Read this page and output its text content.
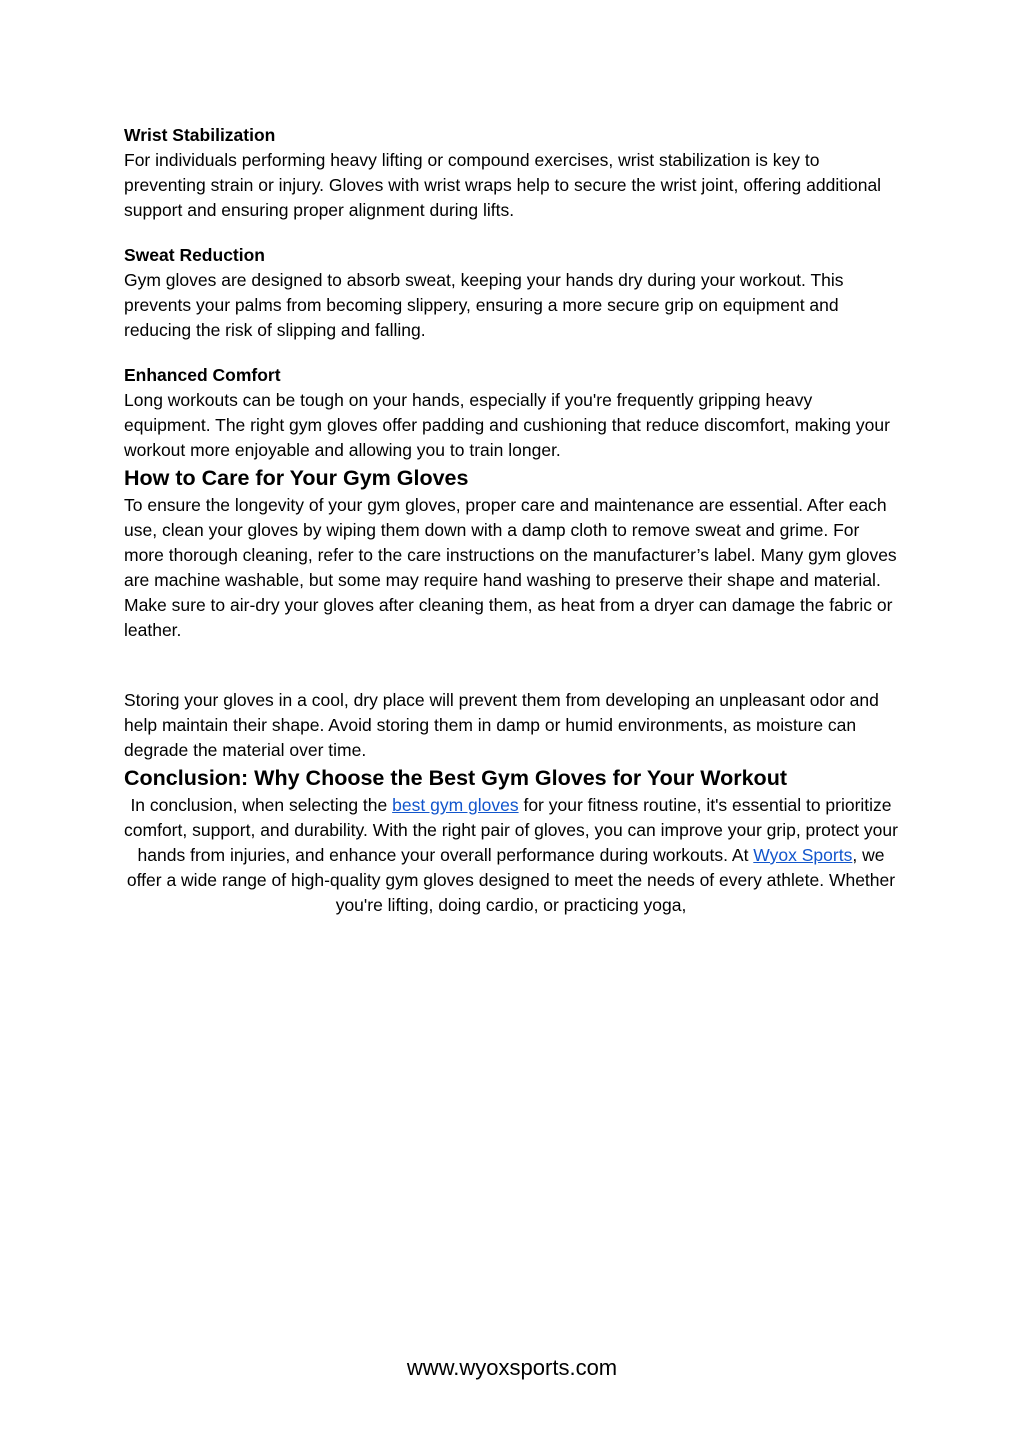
Wrist Stabilization

For individuals performing heavy lifting or compound exercises, wrist stabilization is key to preventing strain or injury. Gloves with wrist wraps help to secure the wrist joint, offering additional support and ensuring proper alignment during lifts.

Sweat Reduction

Gym gloves are designed to absorb sweat, keeping your hands dry during your workout. This prevents your palms from becoming slippery, ensuring a more secure grip on equipment and reducing the risk of slipping and falling.

Enhanced Comfort

Long workouts can be tough on your hands, especially if you're frequently gripping heavy equipment. The right gym gloves offer padding and cushioning that reduce discomfort, making your workout more enjoyable and allowing you to train longer.

How to Care for Your Gym Gloves

To ensure the longevity of your gym gloves, proper care and maintenance are essential. After each use, clean your gloves by wiping them down with a damp cloth to remove sweat and grime. For more thorough cleaning, refer to the care instructions on the manufacturer’s label. Many gym gloves are machine washable, but some may require hand washing to preserve their shape and material. Make sure to air-dry your gloves after cleaning them, as heat from a dryer can damage the fabric or leather.

Storing your gloves in a cool, dry place will prevent them from developing an unpleasant odor and help maintain their shape. Avoid storing them in damp or humid environments, as moisture can degrade the material over time.

Conclusion: Why Choose the Best Gym Gloves for Your Workout

In conclusion, when selecting the best gym gloves for your fitness routine, it's essential to prioritize comfort, support, and durability. With the right pair of gloves, you can improve your grip, protect your hands from injuries, and enhance your overall performance during workouts. At Wyox Sports, we offer a wide range of high-quality gym gloves designed to meet the needs of every athlete. Whether you're lifting, doing cardio, or practicing yoga,

www.wyoxsports.com
